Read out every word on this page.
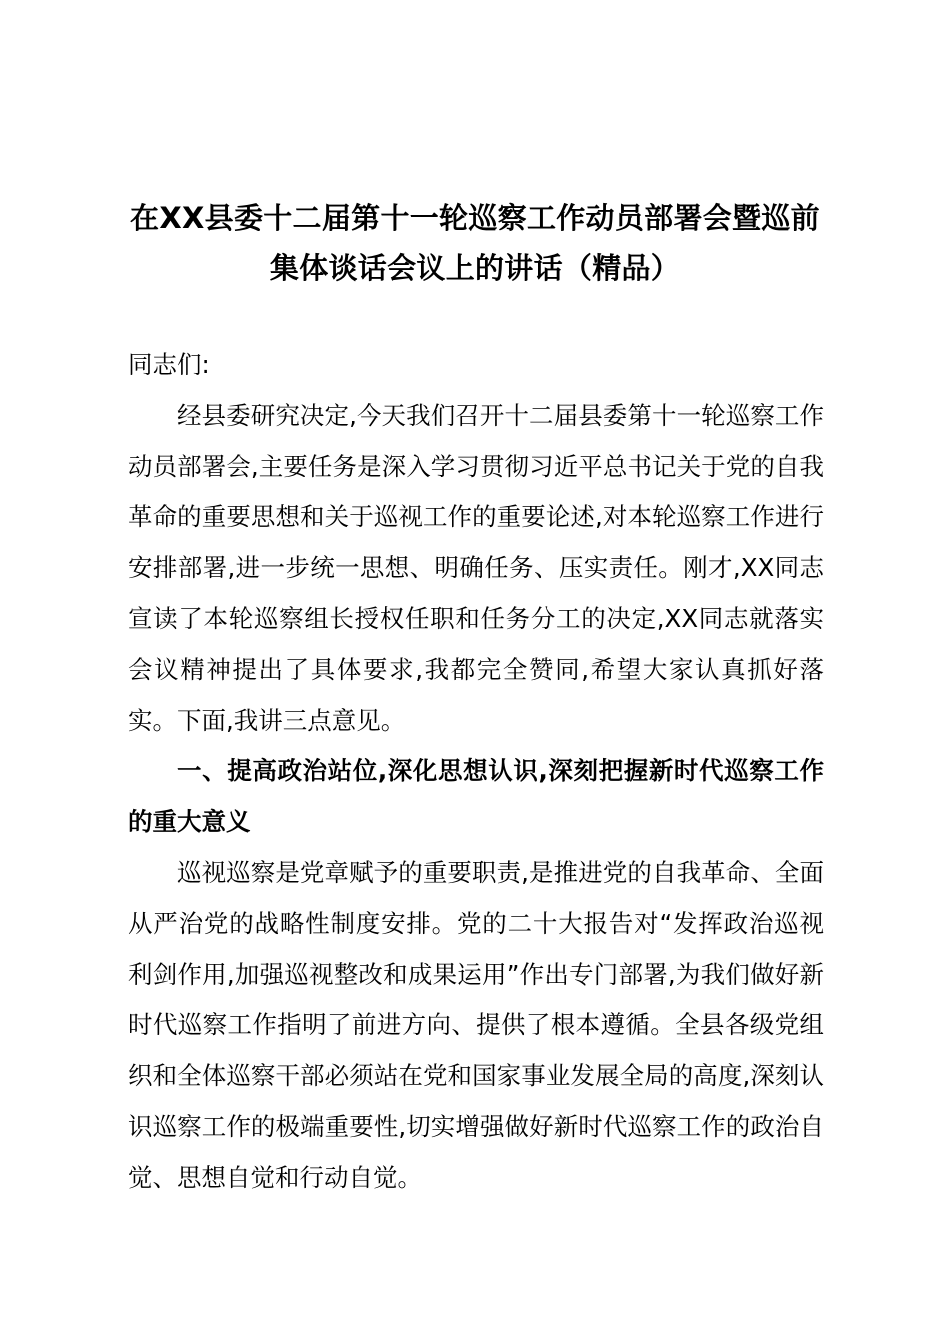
在XX县委十二届第十一轮巡察工作动员部署会暨巡前
集体谈话会议上的讲话（精品）

同志们:

经县委研究决定,今天我们召开十二届县委第十一轮巡察工作动员部署会,主要任务是深入学习贯彻习近平总书记关于党的自我革命的重要思想和关于巡视工作的重要论述,对本轮巡察工作进行安排部署,进一步统一思想、明确任务、压实责任。刚才,XX同志宣读了本轮巡察组长授权任职和任务分工的决定,XX同志就落实会议精神提出了具体要求,我都完全赞同,希望大家认真抓好落实。下面,我讲三点意见。

一、提高政治站位,深化思想认识,深刻把握新时代巡察工作的重大意义

巡视巡察是党章赋予的重要职责,是推进党的自我革命、全面从严治党的战略性制度安排。党的二十大报告对“发挥政治巡视利剑作用,加强巡视整改和成果运用”作出专门部署,为我们做好新时代巡察工作指明了前进方向、提供了根本遵循。全县各级党组织和全体巡察干部必须站在党和国家事业发展全局的高度,深刻认识巡察工作的极端重要性,切实增强做好新时代巡察工作的政治自觉、思想自觉和行动自觉。
